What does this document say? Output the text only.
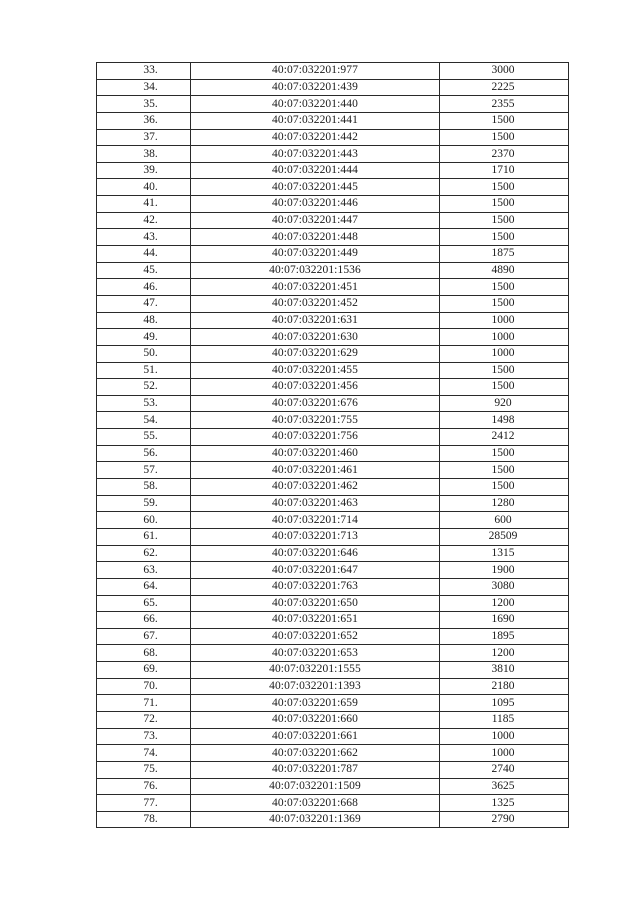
33.	40:07:032201:977	3000
34.	40:07:032201:439	2225
35.	40:07:032201:440	2355
36.	40:07:032201:441	1500
37.	40:07:032201:442	1500
38.	40:07:032201:443	2370
39.	40:07:032201:444	1710
40.	40:07:032201:445	1500
41.	40:07:032201:446	1500
42.	40:07:032201:447	1500
43.	40:07:032201:448	1500
44.	40:07:032201:449	1875
45.	40:07:032201:1536	4890
46.	40:07:032201:451	1500
47.	40:07:032201:452	1500
48.	40:07:032201:631	1000
49.	40:07:032201:630	1000
50.	40:07:032201:629	1000
51.	40:07:032201:455	1500
52.	40:07:032201:456	1500
53.	40:07:032201:676	920
54.	40:07:032201:755	1498
55.	40:07:032201:756	2412
56.	40:07:032201:460	1500
57.	40:07:032201:461	1500
58.	40:07:032201:462	1500
59.	40:07:032201:463	1280
60.	40:07:032201:714	600
61.	40:07:032201:713	28509
62.	40:07:032201:646	1315
63.	40:07:032201:647	1900
64.	40:07:032201:763	3080
65.	40:07:032201:650	1200
66.	40:07:032201:651	1690
67.	40:07:032201:652	1895
68.	40:07:032201:653	1200
69.	40:07:032201:1555	3810
70.	40:07:032201:1393	2180
71.	40:07:032201:659	1095
72.	40:07:032201:660	1185
73.	40:07:032201:661	1000
74.	40:07:032201:662	1000
75.	40:07:032201:787	2740
76.	40:07:032201:1509	3625
77.	40:07:032201:668	1325
78.	40:07:032201:1369	2790
